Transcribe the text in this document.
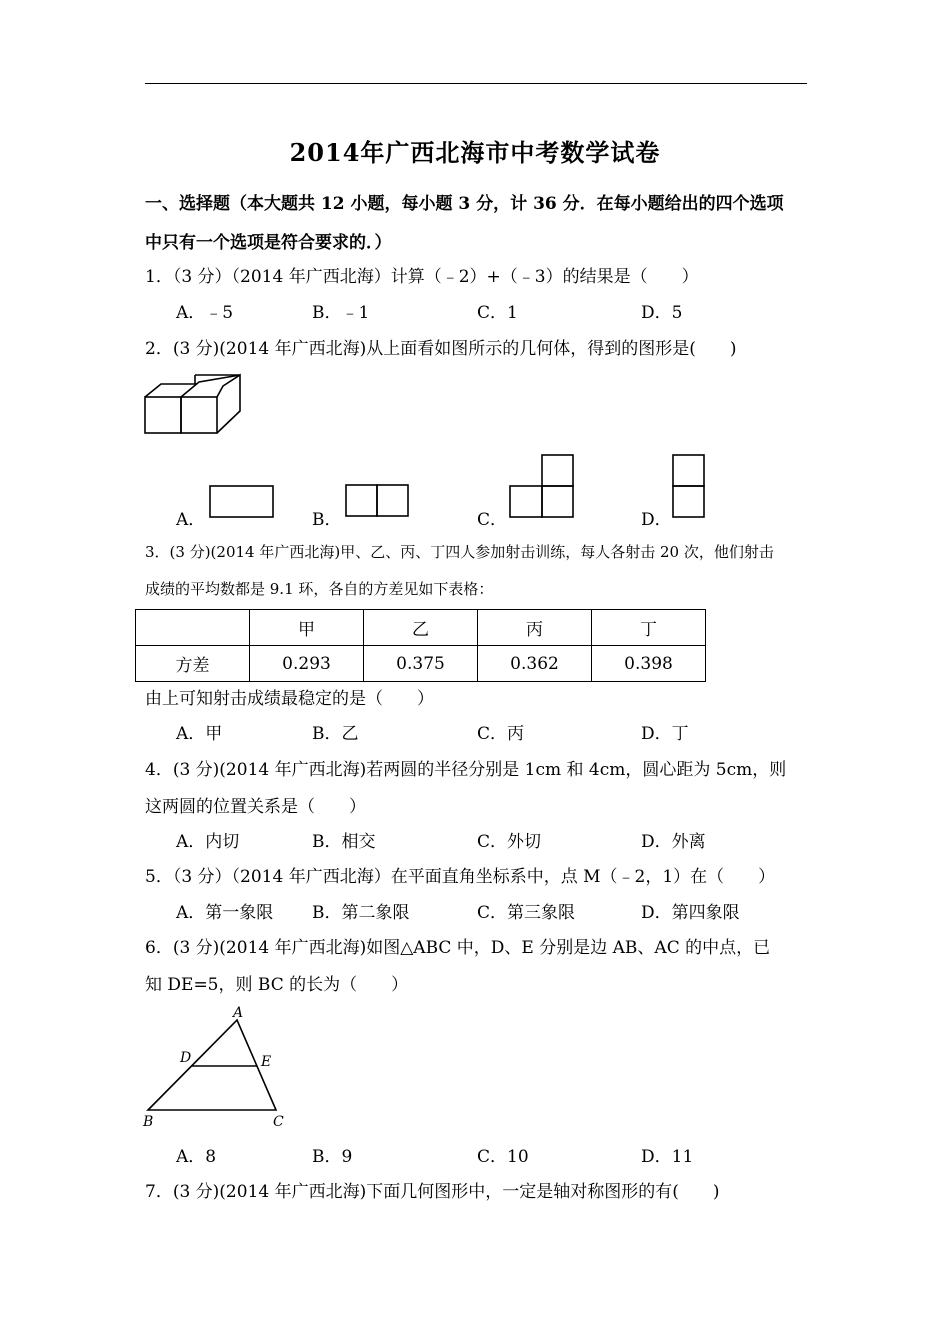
2014年广西北海市中考数学试卷
一、选择题（本大题共 12 小题，每小题 3 分，计 36 分．在每小题给出的四个选项
中只有一个选项是符合要求的．）
1．（3 分）（2014 年广西北海）计算（﹣2）+（﹣3）的结果是（　　）
A．﹣5	B．﹣1	C．1	D．5
2．(3 分)(2014 年广西北海)从上面看如图所示的几何体，得到的图形是(　　)
A．	B．	C．	D．
3．(3 分)(2014 年广西北海)甲、乙、丙、丁四人参加射击训练，每人各射击 20 次，他们射击
成绩的平均数都是 9.1 环，各自的方差见如下表格：
	甲	乙	丙	丁
方差	0.293	0.375	0.362	0.398
由上可知射击成绩最稳定的是（　　）
A．甲	B．乙	C．丙	D．丁
4．(3 分)(2014 年广西北海)若两圆的半径分别是 1cm 和 4cm，圆心距为 5cm，则
这两圆的位置关系是（　　）
A．内切	B．相交	C．外切	D．外离
5．（3 分）（2014 年广西北海）在平面直角坐标系中，点 M（﹣2，1）在（　　）
A．第一象限 B．第二象限	C．第三象限	D．第四象限
6．(3 分)(2014 年广西北海)如图△ABC 中，D、E 分别是边 AB、AC 的中点，已
知 DE=5，则 BC 的长为（　　）
A
D	E
B	C
A．8	B．9	C．10	D．11
7．(3 分)(2014 年广西北海)下面几何图形中，一定是轴对称图形的有(　　)
